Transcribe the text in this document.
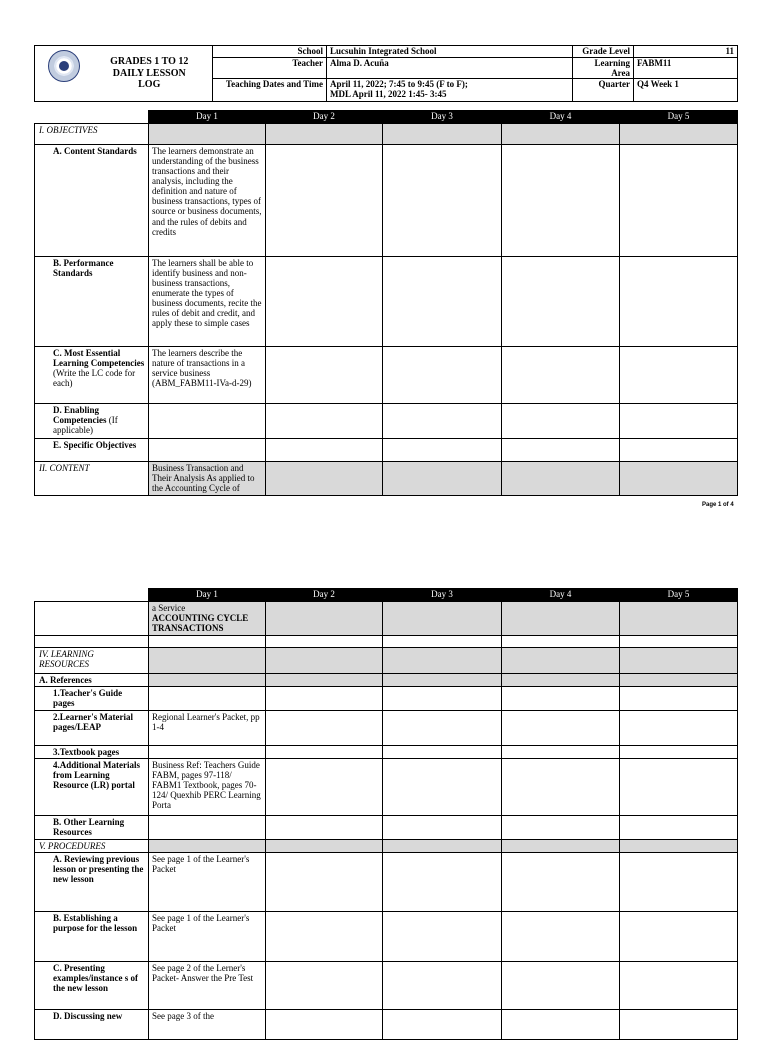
	GRADES 1 TO 12
DAILY LESSON
LOG	School	Lucsuhin Integrated School	Grade Level	11
		Teacher	Alma D. Acuña	Learning Area	FABM11
		Teaching Dates and Time	April 11, 2022; 7:45 to 9:45 (F to F);
MDL April 11, 2022 1:45- 3:45	Quarter	Q4 Week 1
	Day 1	Day 2	Day 3	Day 4	Day 5
I. OBJECTIVES					
A. Content Standards	The learners demonstrate an understanding of the business transactions and their analysis, including the definition and nature of business transactions, types of source or business documents, and the rules of debits and credits				
B. Performance Standards	The learners shall be able to identify business and non-business transactions, enumerate the types of business documents, recite the rules of debit and credit, and apply these to simple cases				
C. Most Essential Learning Competencies (Write the LC code for each)	The learners describe the nature of transactions in a service business (ABM_FABM11-IVa-d-29)				
D. Enabling Competencies (If applicable)					
E. Specific Objectives					
II. CONTENT	Business Transaction and Their Analysis As applied to the Accounting Cycle of				
Page 1 of 4
	Day 1	Day 2	Day 3	Day 4	Day 5

	a Service
ACCOUNTING CYCLE
TRANSACTIONS				

IV. LEARNING RESOURCES					
A. References					
1.Teacher's Guide pages					
2.Learner's Material pages/LEAP	Regional Learner's Packet, pp 1-4				
3.Textbook pages					
4.Additional Materials from Learning Resource (LR) portal	Business Ref: Teachers Guide FABM, pages 97-118/ FABM1 Textbook, pages 70-124/ Quexhib PERC Learning Porta				
B. Other Learning Resources					
V. PROCEDURES					
A. Reviewing previous lesson or presenting the new lesson	See page 1 of the Learner's Packet				
B. Establishing a purpose for the lesson	See page 1 of the Learner's Packet				
C. Presenting examples/instance s of the new lesson	See page 2 of the Lerner's Packet- Answer the Pre Test				
D. Discussing new	See page 3 of the				
